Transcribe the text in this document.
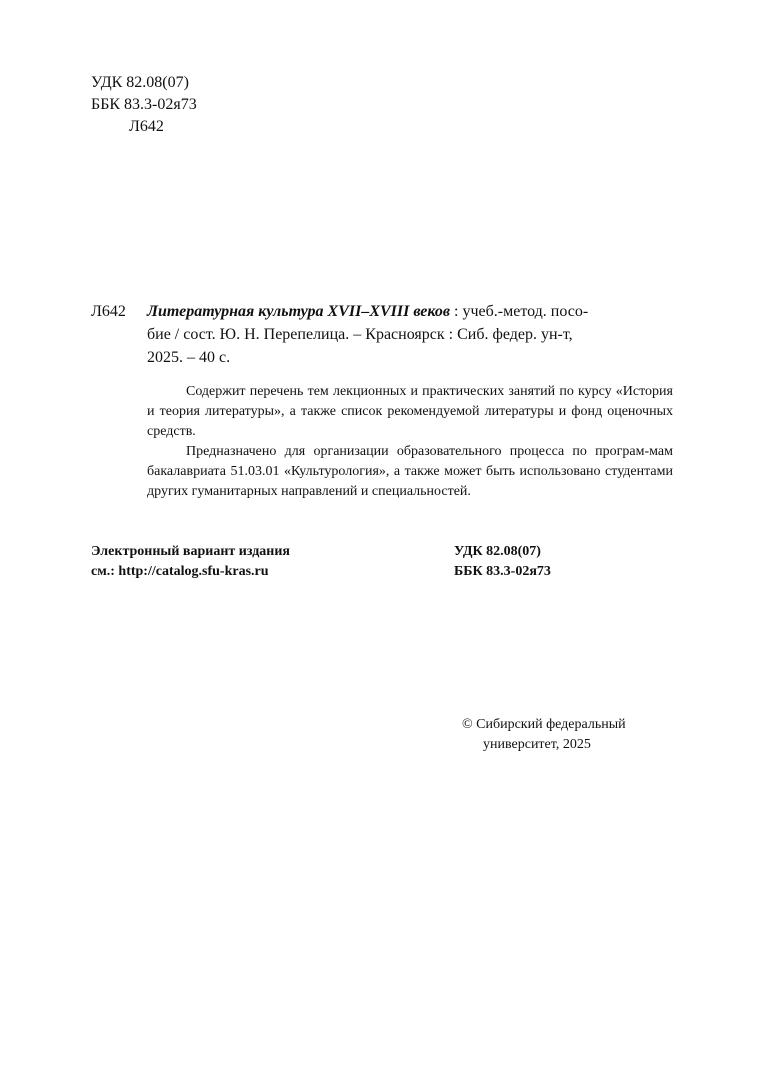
УДК 82.08(07)
ББК 83.3-02я73
Л642
Л642	Литературная культура XVII–XVIII веков : учеб.-метод. посо-
бие / сост. Ю. Н. Перепелица. – Красноярск : Сиб. федер. ун-т,
2025. – 40 с.

Содержит перечень тем лекционных и практических занятий по курсу «История и теория литературы», а также список рекомендуемой литературы и фонд оценочных средств.

Предназначено для организации образовательного процесса по програм-мам бакалавриата 51.03.01 «Культурология», а также может быть использовано студентами других гуманитарных направлений и специальностей.

Электронный вариант издания
см.: http://catalog.sfu-kras.ru
УДК 82.08(07)
ББК 83.3-02я73
© Сибирский федеральный
университет, 2025
